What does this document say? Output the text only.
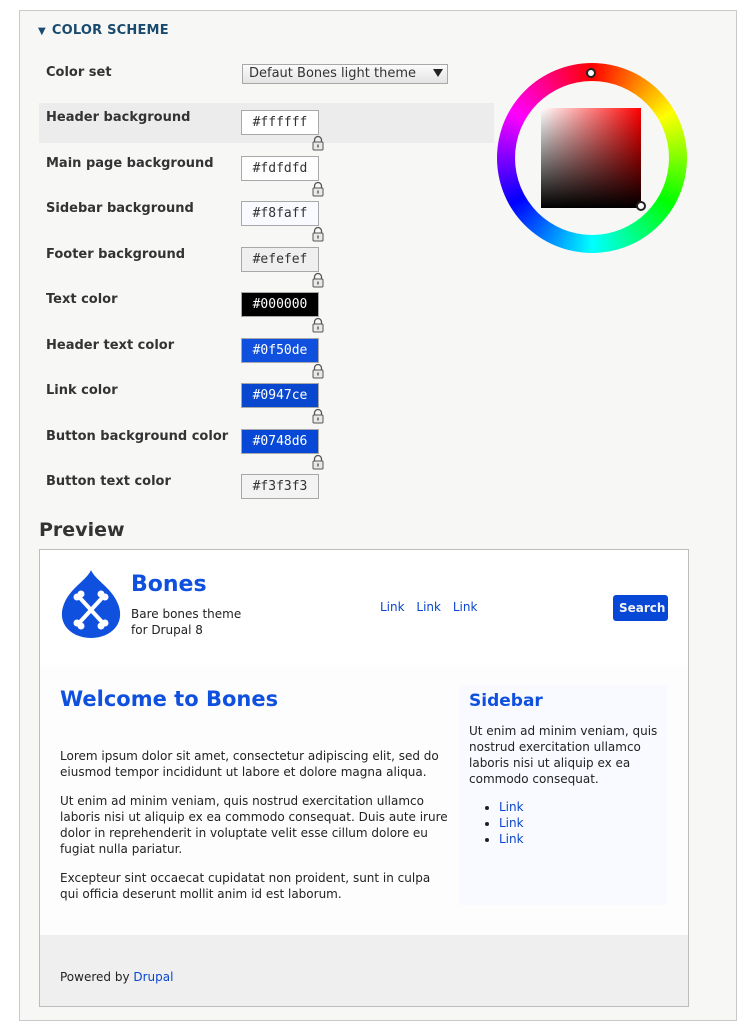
▼ COLOR SCHEME
Color set	Defaut Bones light theme
Header background	#ffffff
Main page background	#fdfdfd
Sidebar background	#f8faff
Footer background	#efefef
Text color	#000000
Header text color	#0f50de
Link color	#0947ce
Button background color	#0748d6
Button text color	#f3f3f3
Preview
Bones
Bare bones theme for Drupal 8
Link Link Link	Search
Welcome to Bones

Lorem ipsum dolor sit amet, consectetur adipiscing elit, sed do eiusmod tempor incididunt ut labore et dolore magna aliqua.

Ut enim ad minim veniam, quis nostrud exercitation ullamco laboris nisi ut aliquip ex ea commodo consequat. Duis aute irure dolor in reprehenderit in voluptate velit esse cillum dolore eu fugiat nulla pariatur.

Excepteur sint occaecat cupidatat non proident, sunt in culpa qui officia deserunt mollit anim id est laborum.

Sidebar

Ut enim ad minim veniam, quis nostrud exercitation ullamco laboris nisi ut aliquip ex ea commodo consequat.

• Link
• Link
• Link
Powered by Drupal
